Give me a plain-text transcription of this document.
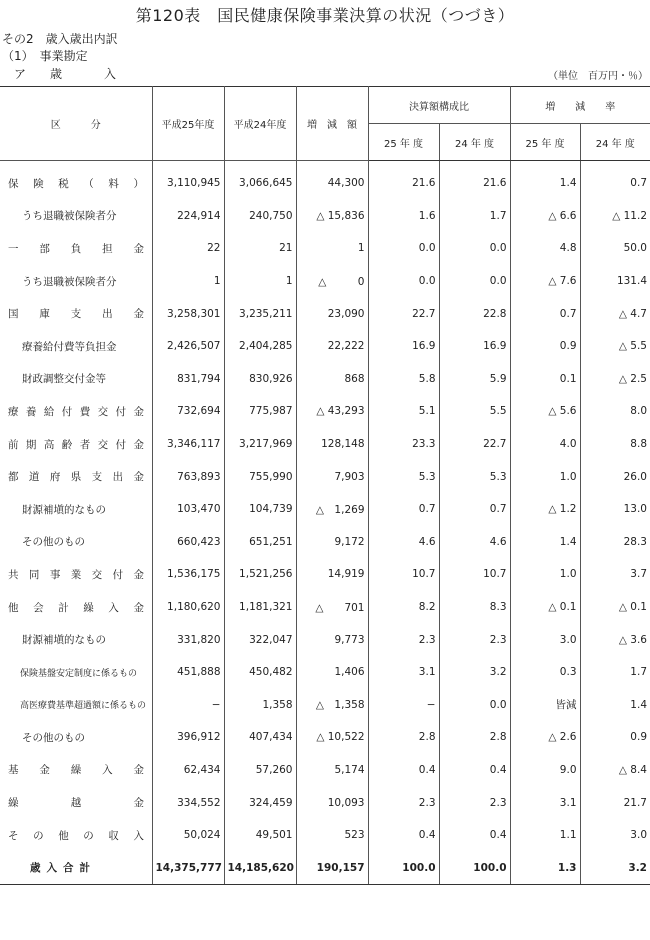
第120表　国民健康保険事業決算の状況（つづき）
その2　歳入歳出内訳
（1）　事業勘定
ア　歳　　入	（単位　百万円・％）
区　　　分	平成25年度	平成24年度	増　減　額	決算額構成比		増　　減　　率	
				25 年 度	24 年 度	25 年 度	24 年 度
保険税（料）	3,110,945	3,066,645	44,300	21.6	21.6	1.4	0.7
うち退職被保険者分	224,914	240,750	△ 15,836	1.6	1.7	△ 6.6	△ 11.2
一部負担金	22	21	1	0.0	0.0	4.8	50.0
うち退職被保険者分	1	1	△　　　0	0.0	0.0	△ 7.6	131.4
国庫支出金	3,258,301	3,235,211	23,090	22.7	22.8	0.7	△ 4.7
療養給付費等負担金	2,426,507	2,404,285	22,222	16.9	16.9	0.9	△ 5.5
財政調整交付金等	831,794	830,926	868	5.8	5.9	0.1	△ 2.5
療養給付費交付金	732,694	775,987	△ 43,293	5.1	5.5	△ 5.6	8.0
前期高齢者交付金	3,346,117	3,217,969	128,148	23.3	22.7	4.0	8.8
都道府県支出金	763,893	755,990	7,903	5.3	5.3	1.0	26.0
財源補塡的なもの	103,470	104,739	△　1,269	0.7	0.7	△ 1.2	13.0
その他のもの	660,423	651,251	9,172	4.6	4.6	1.4	28.3
共同事業交付金	1,536,175	1,521,256	14,919	10.7	10.7	1.0	3.7
他会計繰入金	1,180,620	1,181,321	△　　701	8.2	8.3	△ 0.1	△ 0.1
財源補塡的なもの	331,820	322,047	9,773	2.3	2.3	3.0	△ 3.6
保険基盤安定制度に係るもの	451,888	450,482	1,406	3.1	3.2	0.3	1.7
高医療費基準超過額に係るもの	−	1,358	△　1,358	−	0.0	皆減	1.4
その他のもの	396,912	407,434	△ 10,522	2.8	2.8	△ 2.6	0.9
基金繰入金	62,434	57,260	5,174	0.4	0.4	9.0	△ 8.4
繰越金	334,552	324,459	10,093	2.3	2.3	3.1	21.7
その他の収入	50,024	49,501	523	0.4	0.4	1.1	3.0
歳入合計	14,375,777	14,185,620	190,157	100.0	100.0	1.3	3.2
